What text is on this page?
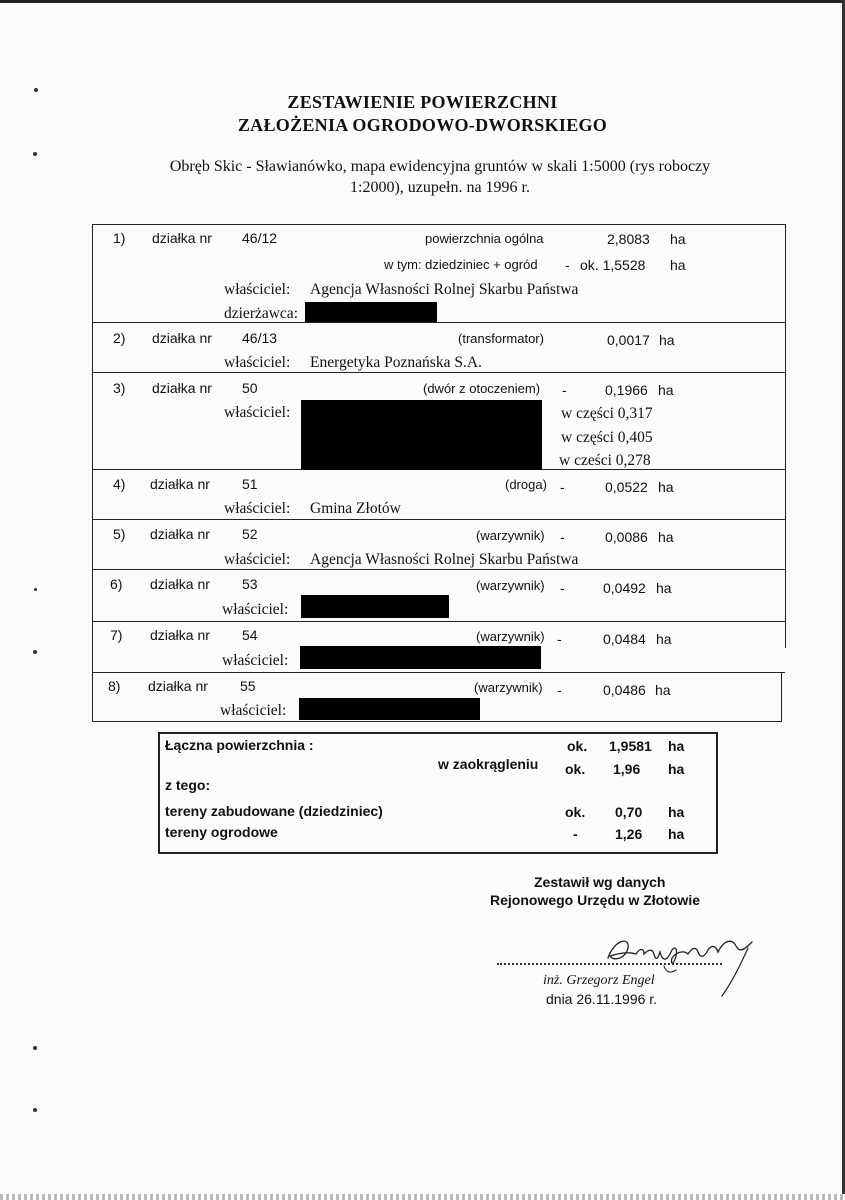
ZESTAWIENIE POWIERZCHNI
ZAŁOŻENIA OGRODOWO-DWORSKIEGO
Obręb Skic - Sławianówko, mapa ewidencyjna gruntów w skali 1:5000 (rys roboczy
1:2000), uzupełn. na 1996 r.
1) działka nr 46/12	powierzchnia ogólna	2,8083 ha
w tym: dziedziniec + ogród - ok. 1,5528 ha
właściciel: Agencja Własności Rolnej Skarbu Państwa
dzierżawca:
2) działka nr 46/13	(transformator)	0,0017 ha
właściciel: Energetyka Poznańska S.A.
3) działka nr 50	(dwór z otoczeniem) -	0,1966 ha
właściciel:	w części 0,317
w części 0,405
w cześci 0,278
4) działka nr 51	(droga) -	0,0522 ha
właściciel: Gmina Złotów
5) działka nr 52	(warzywnik) -	0,0086 ha
właściciel: Agencja Własności Rolnej Skarbu Państwa
6) działka nr 53	(warzywnik) -	0,0492 ha
właściciel:
7) działka nr 54	(warzywnik) -	0,0484 ha
właściciel:
8) działka nr 55	(warzywnik) -	0,0486 ha
właściciel:
Łączna powierzchnia :	ok. 1,9581 ha
w zaokrągleniu ok. 1,96 ha
z tego:
tereny zabudowane (dziedziniec)	ok. 0,70 ha
tereny ogrodowe	-	1,26 ha
Zestawił wg danych
Rejonowego Urzędu w Złotowie
inż. Grzegorz Engel
dnia 26.11.1996 r.
